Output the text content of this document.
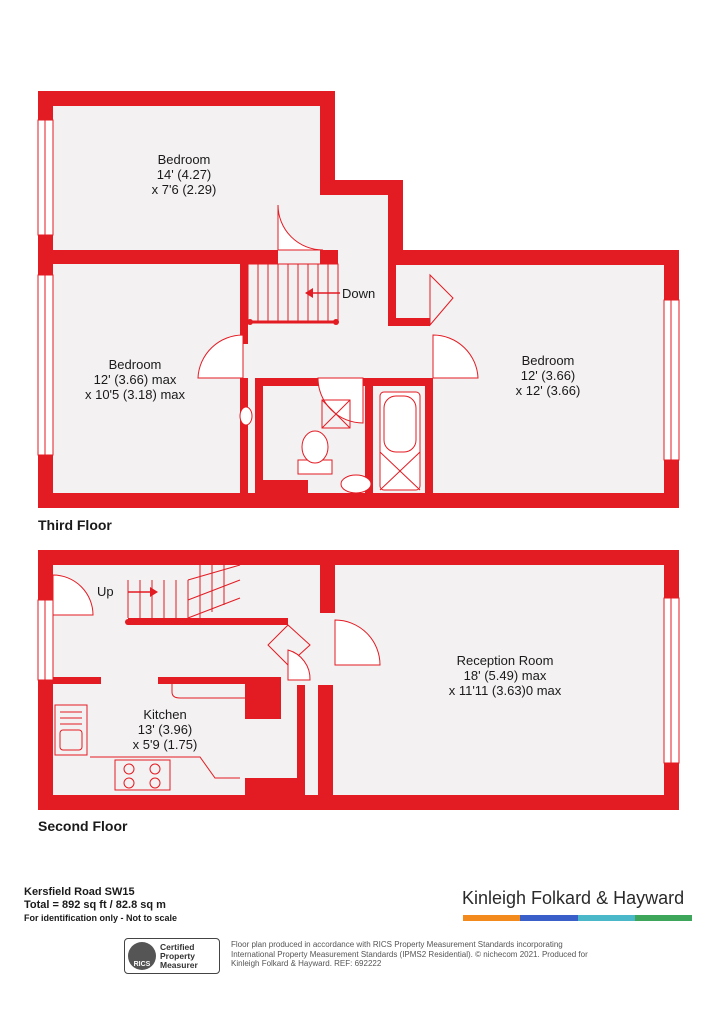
Bedroom
14' (4.27)
x 7'6 (2.29)
Bedroom
12' (3.66) max
x 10'5 (3.18) max
Bedroom
12' (3.66)
x 12' (3.66)
Down
Kitchen
13' (3.96)
x 5'9 (1.75)
Reception Room
18' (5.49) max
x 11'11 (3.63)0 max
Up
Third Floor
Second Floor
Kersfield Road SW15
Total = 892 sq ft / 82.8 sq m
For identification only - Not to scale
Kinleigh Folkard & Hayward
RICS
Certified
Property
Measurer
Floor plan produced in accordance with RICS Property Measurement Standards incorporating International Property Measurement Standards (IPMS2 Residential). © nichecom 2021. Produced for Kinleigh Folkard & Hayward. REF: 692222
